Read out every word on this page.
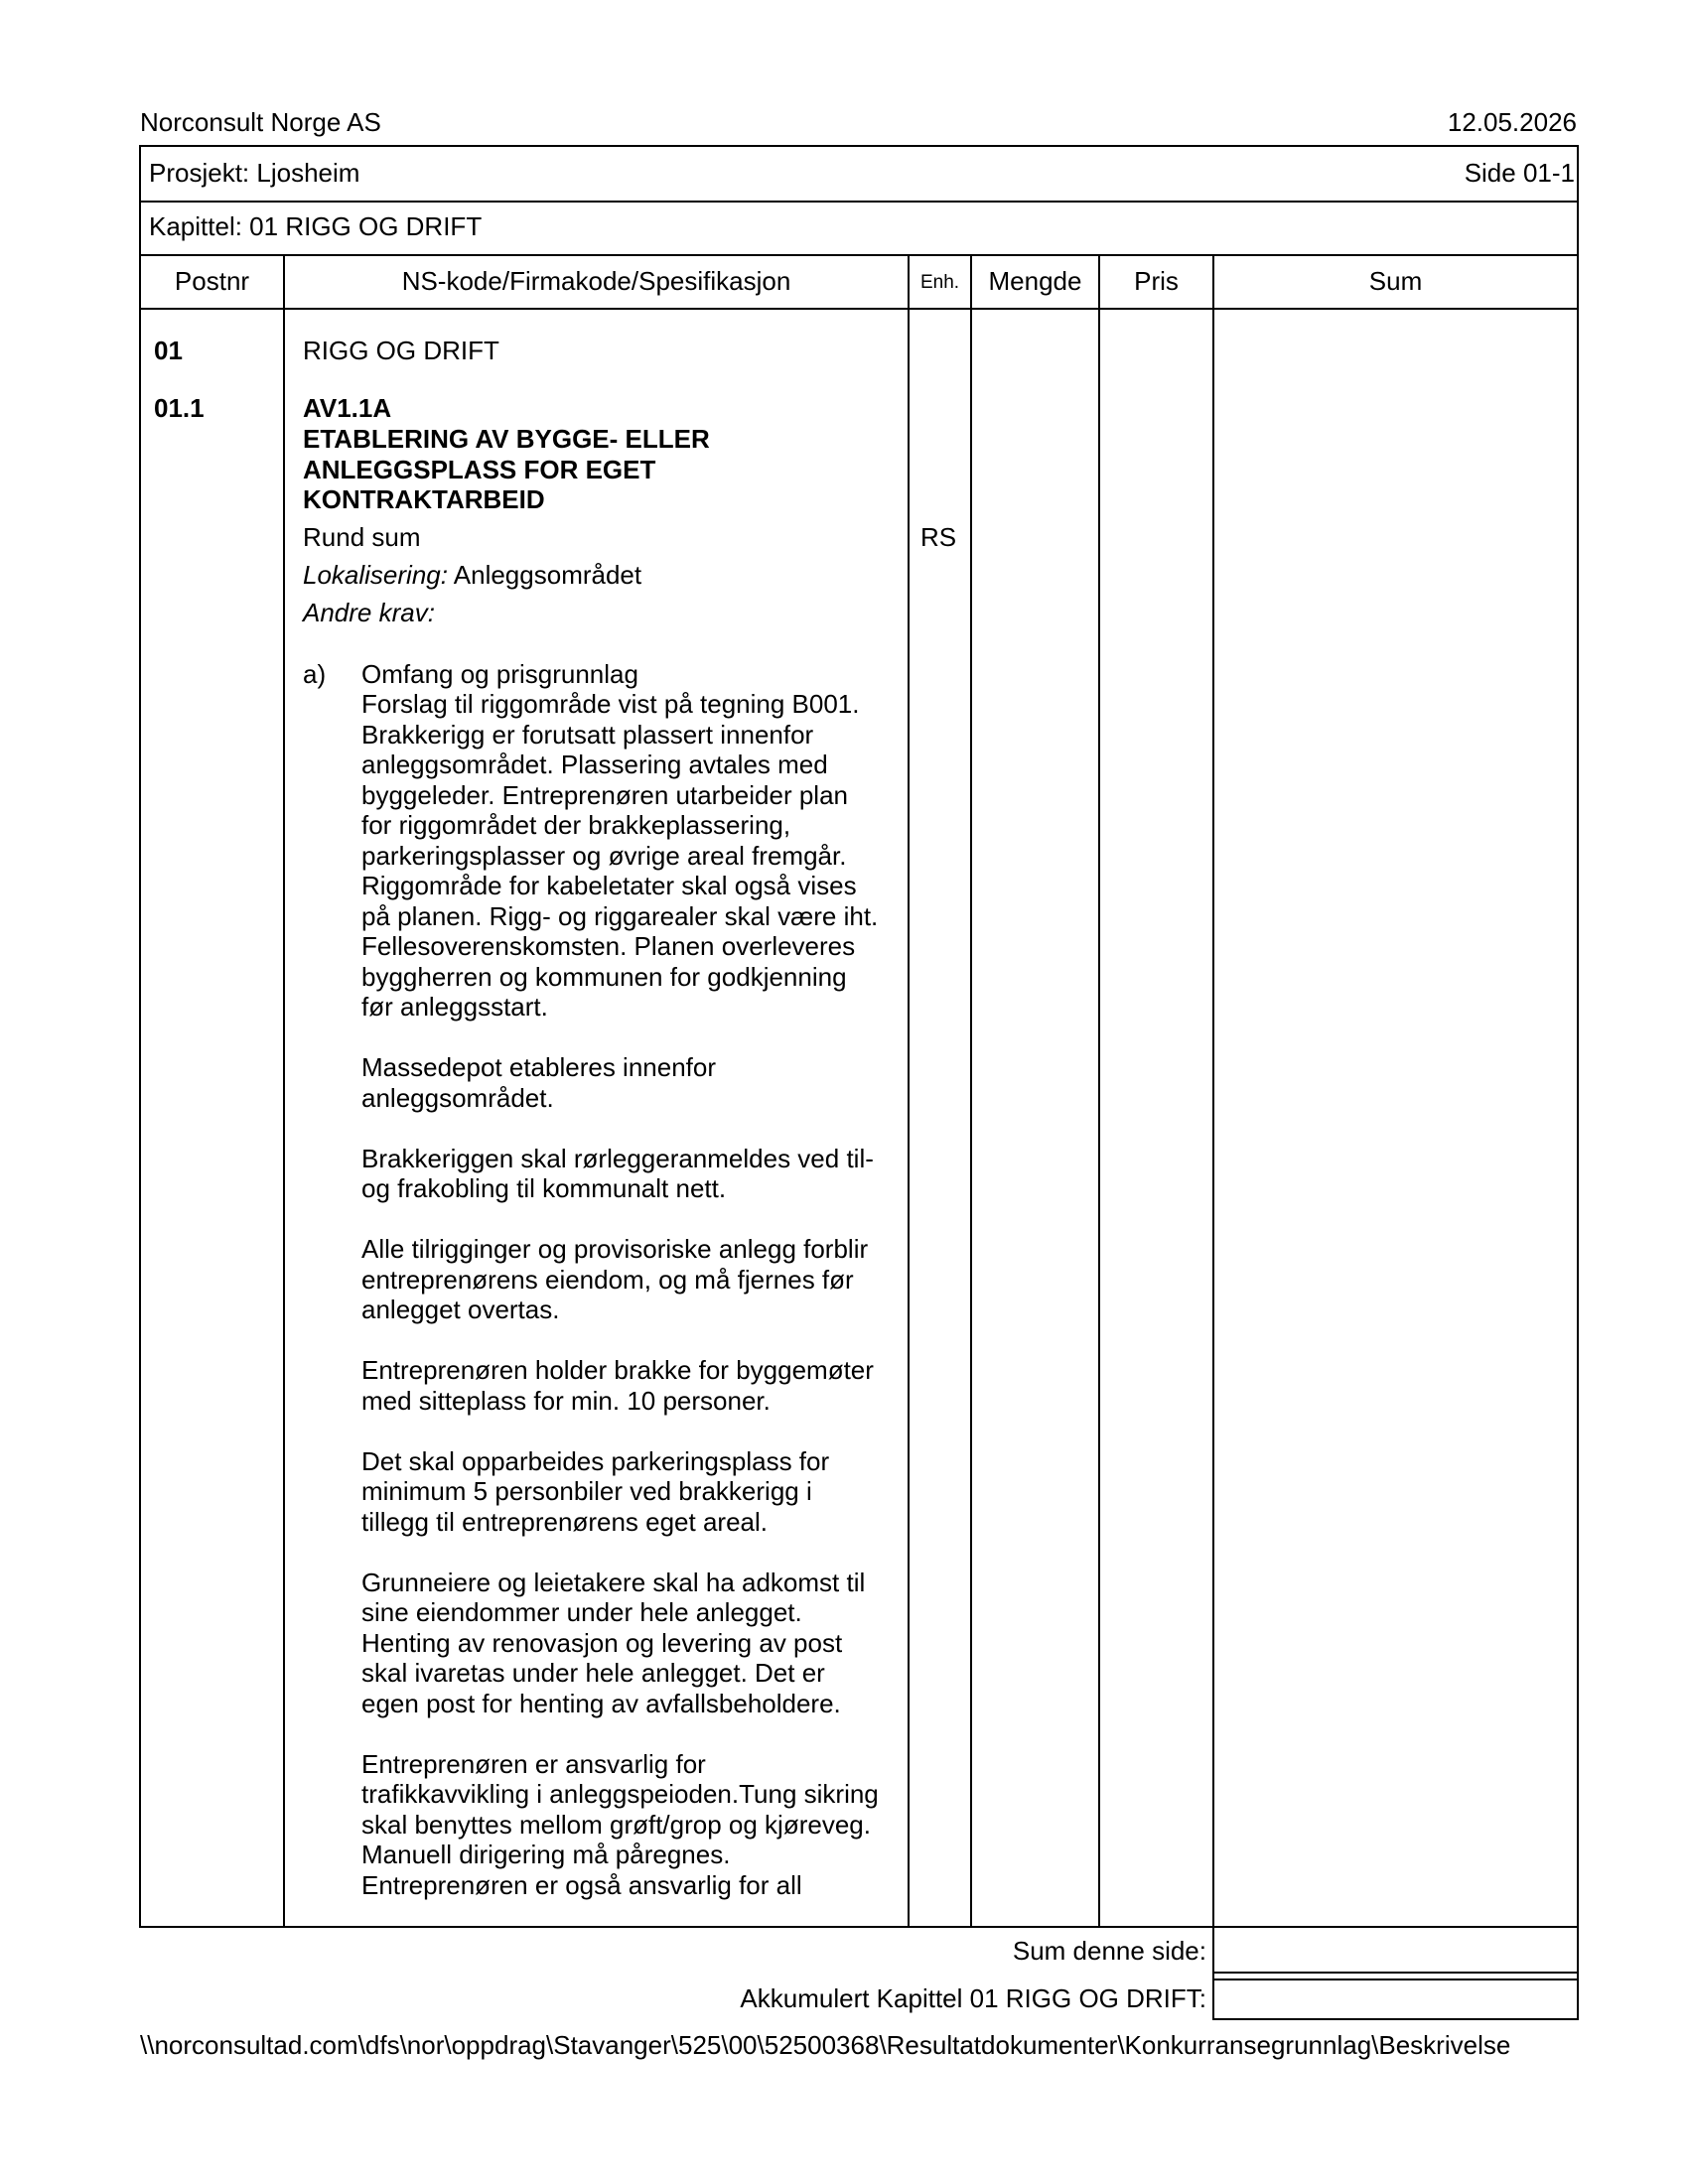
Norconsult Norge AS	12.05.2026
Prosjekt: Ljosheim	Side 01-1
Kapittel: 01 RIGG OG DRIFT
Postnr	NS-kode/Firmakode/Spesifikasjon	Enh.	Mengde	Pris	Sum
01	RIGG OG DRIFT
01.1	AV1.1A
ETABLERING AV BYGGE- ELLER
ANLEGGSPLASS FOR EGET
KONTRAKTARBEID
Rund sum	RS
Lokalisering: Anleggsområdet
Andre krav:
a) Omfang og prisgrunnlag
Forslag til riggområde vist på tegning B001.
Brakkerigg er forutsatt plassert innenfor
anleggsområdet. Plassering avtales med
byggeleder. Entreprenøren utarbeider plan
for riggområdet der brakkeplassering,
parkeringsplasser og øvrige areal fremgår.
Riggområde for kabeletater skal også vises
på planen. Rigg- og riggarealer skal være iht.
Fellesoverenskomsten. Planen overleveres
byggherren og kommunen for godkjenning
før anleggsstart.
Massedepot etableres innenfor
anleggsområdet.
Brakkeriggen skal rørleggeranmeldes ved til-
og frakobling til kommunalt nett.
Alle tilrigginger og provisoriske anlegg forblir
entreprenørens eiendom, og må fjernes før
anlegget overtas.
Entreprenøren holder brakke for byggemøter
med sitteplass for min. 10 personer.
Det skal opparbeides parkeringsplass for
minimum 5 personbiler ved brakkerigg i
tillegg til entreprenørens eget areal.
Grunneiere og leietakere skal ha adkomst til
sine eiendommer under hele anlegget.
Henting av renovasjon og levering av post
skal ivaretas under hele anlegget. Det er
egen post for henting av avfallsbeholdere.
Entreprenøren er ansvarlig for
trafikkavvikling i anleggspeioden.Tung sikring
skal benyttes mellom grøft/grop og kjøreveg.
Manuell dirigering må påregnes.
Entreprenøren er også ansvarlig for all
Sum denne side:
Akkumulert Kapittel 01 RIGG OG DRIFT:
\\norconsultad.com\dfs\nor\oppdrag\Stavanger\525\00\52500368\Resultatdokumenter\Konkurransegrunnlag\Beskrivelse
